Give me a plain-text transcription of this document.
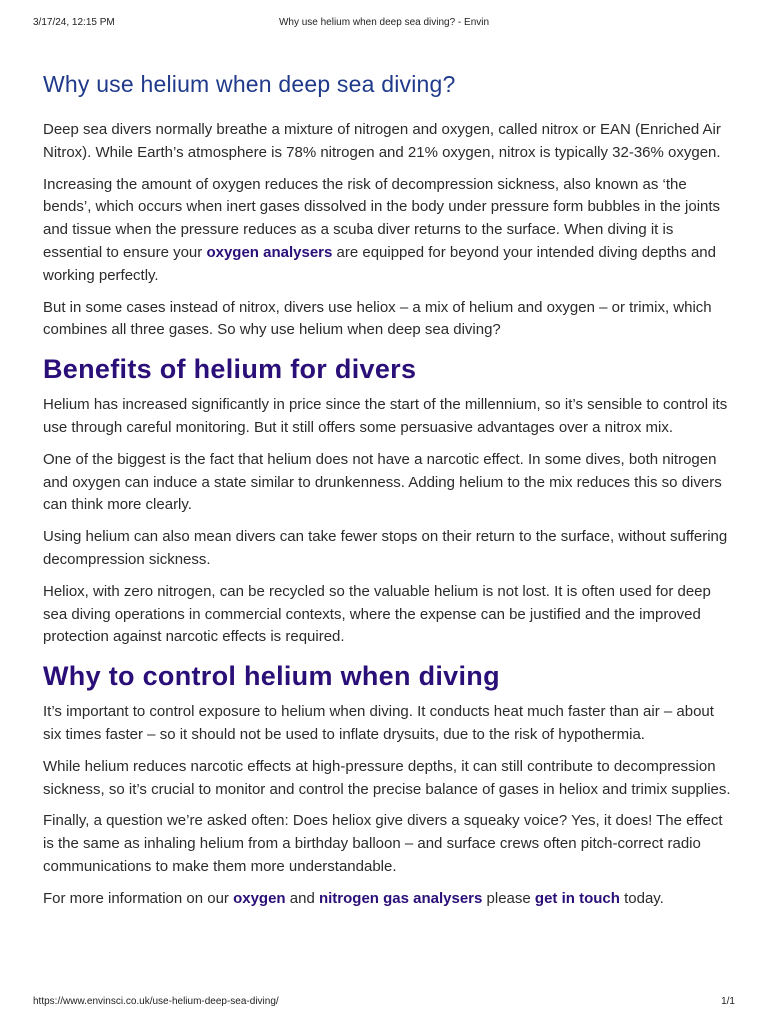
3/17/24, 12:15 PM	Why use helium when deep sea diving? - Envin
Why use helium when deep sea diving?

Deep sea divers normally breathe a mixture of nitrogen and oxygen, called nitrox or EAN (Enriched Air Nitrox). While Earth’s atmosphere is 78% nitrogen and 21% oxygen, nitrox is typically 32-36% oxygen.

Increasing the amount of oxygen reduces the risk of decompression sickness, also known as ‘the bends’, which occurs when inert gases dissolved in the body under pressure form bubbles in the joints and tissue when the pressure reduces as a scuba diver returns to the surface. When diving it is essential to ensure your oxygen analysers are equipped for beyond your intended diving depths and working perfectly.

But in some cases instead of nitrox, divers use heliox – a mix of helium and oxygen – or trimix, which combines all three gases. So why use helium when deep sea diving?

Benefits of helium for divers

Helium has increased significantly in price since the start of the millennium, so it’s sensible to control its use through careful monitoring. But it still offers some persuasive advantages over a nitrox mix.

One of the biggest is the fact that helium does not have a narcotic effect. In some dives, both nitrogen and oxygen can induce a state similar to drunkenness. Adding helium to the mix reduces this so divers can think more clearly.

Using helium can also mean divers can take fewer stops on their return to the surface, without suffering decompression sickness.

Heliox, with zero nitrogen, can be recycled so the valuable helium is not lost. It is often used for deep sea diving operations in commercial contexts, where the expense can be justified and the improved protection against narcotic effects is required.

Why to control helium when diving

It’s important to control exposure to helium when diving. It conducts heat much faster than air – about six times faster – so it should not be used to inflate drysuits, due to the risk of hypothermia.

While helium reduces narcotic effects at high-pressure depths, it can still contribute to decompression sickness, so it’s crucial to monitor and control the precise balance of gases in heliox and trimix supplies.

Finally, a question we’re asked often: Does heliox give divers a squeaky voice? Yes, it does! The effect is the same as inhaling helium from a birthday balloon – and surface crews often pitch-correct radio communications to make them more understandable.

For more information on our oxygen and nitrogen gas analysers please get in touch today.

https://www.envinsci.co.uk/use-helium-deep-sea-diving/	1/1
